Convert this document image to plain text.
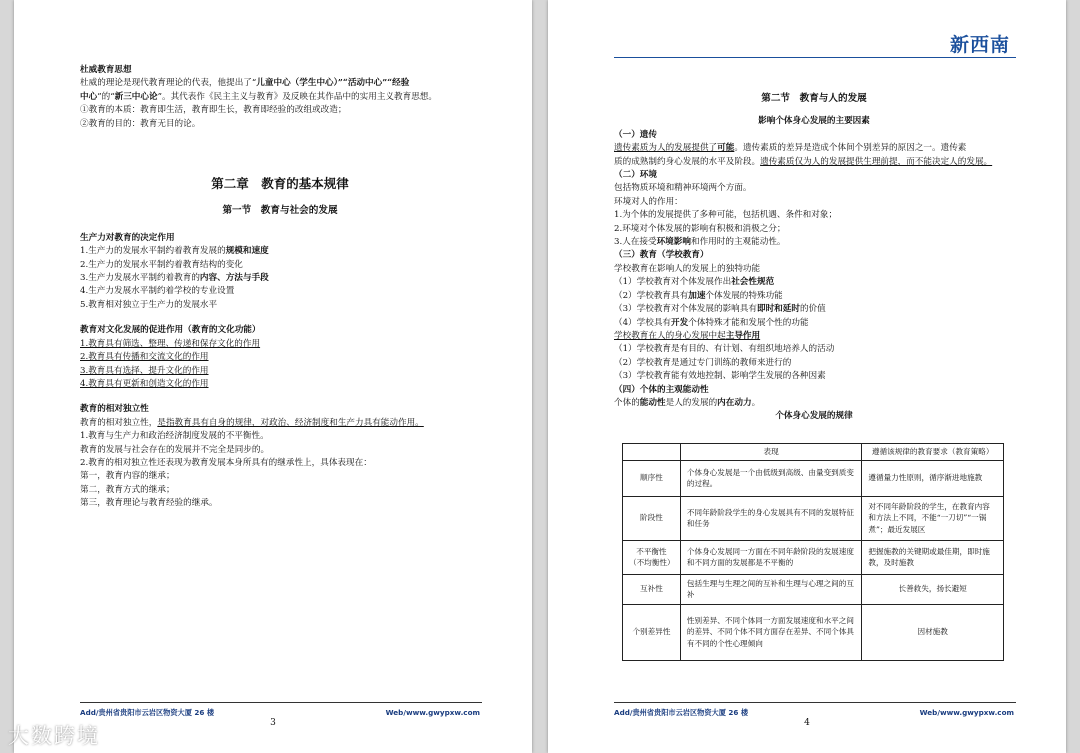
杜威教育思想

杜威的理论是现代教育理论的代表，他提出了“儿童中心（学生中心）”“活动中心”“经验

中心”的“新三中心论”。其代表作《民主主义与教育》及反映在其作品中的实用主义教育思想。

①教育的本质：教育即生活，教育即生长，教育即经验的改组或改造；

②教育的目的：教育无目的论。

第二章　教育的基本规律

第一节　教育与社会的发展

生产力对教育的决定作用

1.生产力的发展水平制约着教育发展的规模和速度

2.生产力的发展水平制约着教育结构的变化

3.生产力发展水平制约着教育的内容、方法与手段

4.生产力发展水平制约着学校的专业设置

5.教育相对独立于生产力的发展水平

教育对文化发展的促进作用（教育的文化功能）

1.教育具有筛选、整理、传递和保存文化的作用

2.教育具有传播和交流文化的作用

3.教育具有选择、提升文化的作用

4.教育具有更新和创造文化的作用

教育的相对独立性

教育的相对独立性，是指教育具有自身的规律，对政治、经济制度和生产力具有能动作用。

1.教育与生产力和政治经济制度发展的不平衡性。

教育的发展与社会存在的发展并不完全是同步的。

2.教育的相对独立性还表现为教育发展本身所具有的继承性上，具体表现在：

第一，教育内容的继承；

第二，教育方式的继承；

第三，教育理论与教育经验的继承。

Add/贵州省贵阳市云岩区物资大厦 26 楼	Web/www.gwypxw.com
3
新西南

第二节　教育与人的发展

影响个体身心发展的主要因素

（一）遗传

遗传素质为人的发展提供了可能。遗传素质的差异是造成个体间个别差异的原因之一。遗传素

质的成熟制约身心发展的水平及阶段。遗传素质仅为人的发展提供生理前提，而不能决定人的发展。

（二）环境

包括物质环境和精神环境两个方面。

环境对人的作用：

1.为个体的发展提供了多种可能，包括机遇、条件和对象；

2.环境对个体发展的影响有积极和消极之分；

3.人在接受环境影响和作用时的主观能动性。

（三）教育（学校教育）

学校教育在影响人的发展上的独特功能

（1）学校教育对个体发展作出社会性规范

（2）学校教育具有加速个体发展的特殊功能

（3）学校教育对个体发展的影响具有即时和延时的价值

（4）学校具有开发个体特殊才能和发展个性的功能

学校教育在人的身心发展中起主导作用

（1）学校教育是有目的、有计划、有组织地培养人的活动

（2）学校教育是通过专门训练的教师来进行的

（3）学校教育能有效地控制、影响学生发展的各种因素

（四）个体的主观能动性

个体的能动性是人的发展的内在动力。

个体身心发展的规律

	表现	遵循该规律的教育要求（教育策略）
顺序性	个体身心发展是一个由低级到高级、由量变到质变的过程。	遵循量力性原则，循序渐进地施教
阶段性	不同年龄阶段学生的身心发展具有不同的发展特征和任务	对不同年龄阶段的学生，在教育内容和方法上不同，不能“一刀切”“一锅煮”；最近发展区
不平衡性（不均衡性）	个体身心发展同一方面在不同年龄阶段的发展速度和不同方面的发展都是不平衡的	把握施教的关键期或最佳期，即时施教，及时施教
互补性	包括生理与生理之间的互补和生理与心理之间的互补	长善救失，扬长避短
个别差异性	性别差异、不同个体同一方面发展速度和水平之间的差异、不同个体不同方面存在差异、不同个体具有不同的个性心理倾向	因材施教
Add/贵州省贵阳市云岩区物资大厦 26 楼	Web/www.gwypxw.com
4
大数跨境
